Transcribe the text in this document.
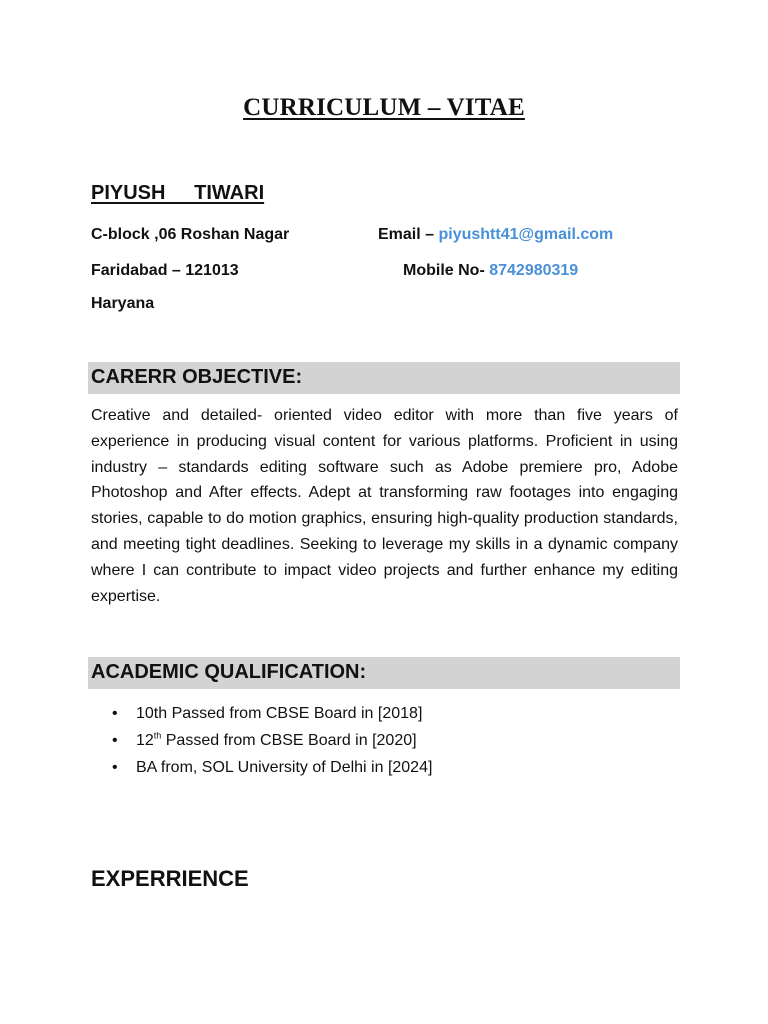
CURRICULUM – VITAE
PIYUSH   TIWARI
C-block ,06 Roshan Nagar	Email – piyushtt41@gmail.com
Faridabad – 121013	Mobile No- 8742980319
Haryana
CARERR OBJECTIVE:

Creative and detailed- oriented video editor with more than five years of experience in producing visual content for various platforms. Proficient in using industry – standards editing software such as Adobe premiere pro, Adobe Photoshop and After effects. Adept at transforming raw footages into engaging stories, capable to do motion graphics, ensuring high-quality production standards, and meeting tight deadlines. Seeking to leverage my skills in a dynamic company where I can contribute to impact video projects and further enhance my editing expertise.

ACADEMIC QUALIFICATION:
• 10th Passed from CBSE Board in [2018]
• 12th Passed from CBSE Board in [2020]
• BA from, SOL University of Delhi in [2024]
EXPERRIENCE
